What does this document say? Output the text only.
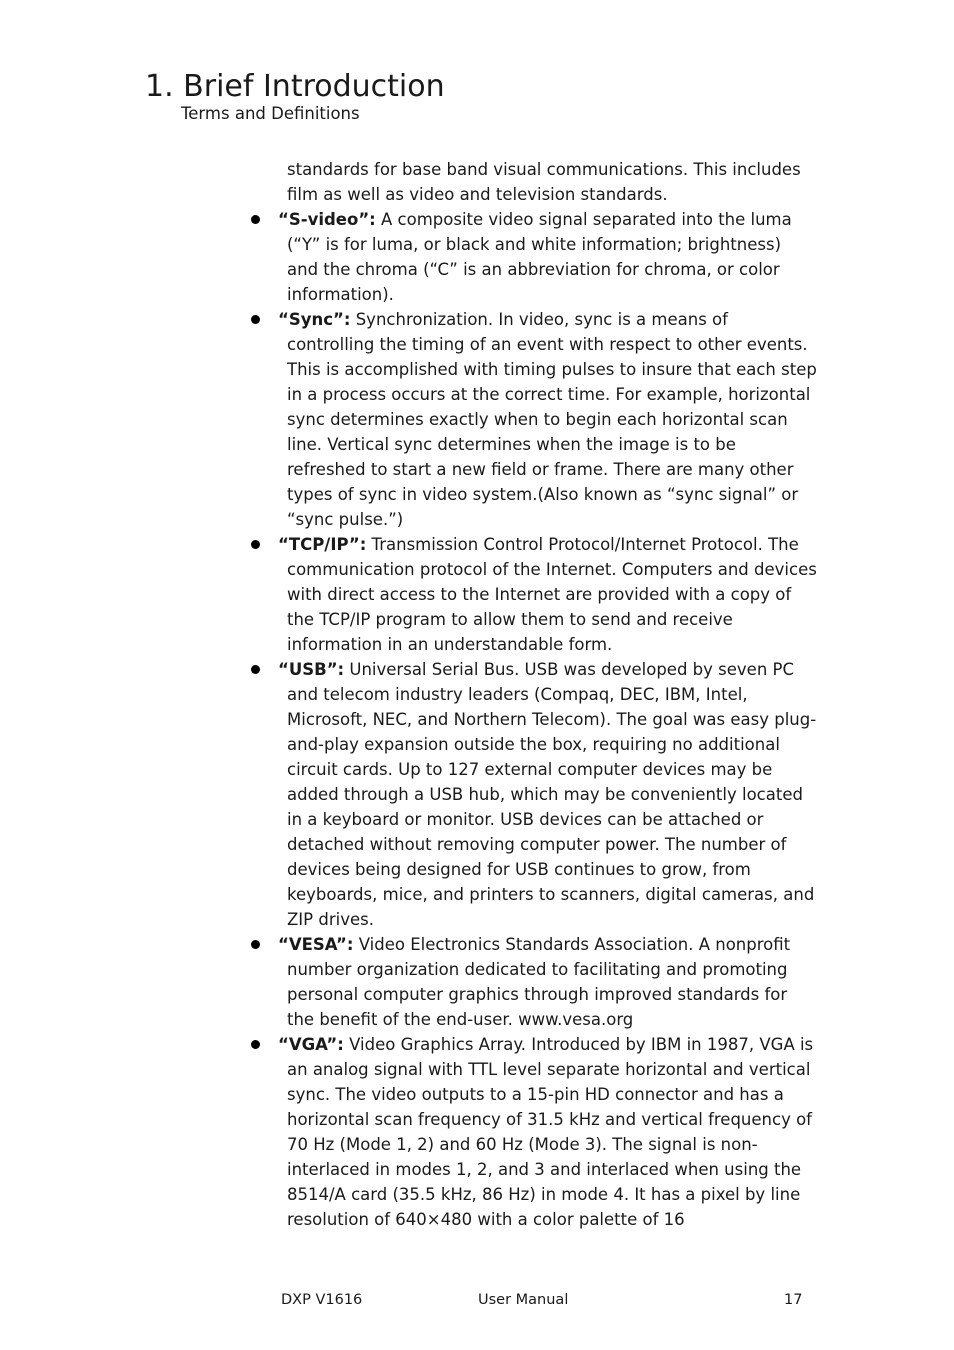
1. Brief Introduction
Terms and Definitions

standards for base band visual communications. This includes film as well as video and television standards.

“S-video”: A composite video signal separated into the luma (“Y” is for luma, or black and white information; brightness) and the chroma (“C” is an abbreviation for chroma, or color information).
“Sync”: Synchronization. In video, sync is a means of controlling the timing of an event with respect to other events. This is accomplished with timing pulses to insure that each step in a process occurs at the correct time. For example, horizontal sync determines exactly when to begin each horizontal scan line. Vertical sync determines when the image is to be refreshed to start a new field or frame. There are many other types of sync in video system.(Also known as “sync signal” or “sync pulse.”)
“TCP/IP”: Transmission Control Protocol/Internet Protocol. The communication protocol of the Internet. Computers and devices with direct access to the Internet are provided with a copy of the TCP/IP program to allow them to send and receive information in an understandable form.
“USB”: Universal Serial Bus. USB was developed by seven PC and telecom industry leaders (Compaq, DEC, IBM, Intel, Microsoft, NEC, and Northern Telecom). The goal was easy plug-and-play expansion outside the box, requiring no additional circuit cards. Up to 127 external computer devices may be added through a USB hub, which may be conveniently located in a keyboard or monitor. USB devices can be attached or detached without removing computer power. The number of devices being designed for USB continues to grow, from keyboards, mice, and printers to scanners, digital cameras, and ZIP drives.
“VESA”: Video Electronics Standards Association. A nonprofit number organization dedicated to facilitating and promoting personal computer graphics through improved standards for the benefit of the end-user. www.vesa.org
“VGA”: Video Graphics Array. Introduced by IBM in 1987, VGA is an analog signal with TTL level separate horizontal and vertical sync. The video outputs to a 15-pin HD connector and has a horizontal scan frequency of 31.5 kHz and vertical frequency of 70 Hz (Mode 1, 2) and 60 Hz (Mode 3). The signal is non-interlaced in modes 1, 2, and 3 and interlaced when using the 8514/A card (35.5 kHz, 86 Hz) in mode 4. It has a pixel by line resolution of 640×480 with a color palette of 16
DXP V1616	User Manual	17
